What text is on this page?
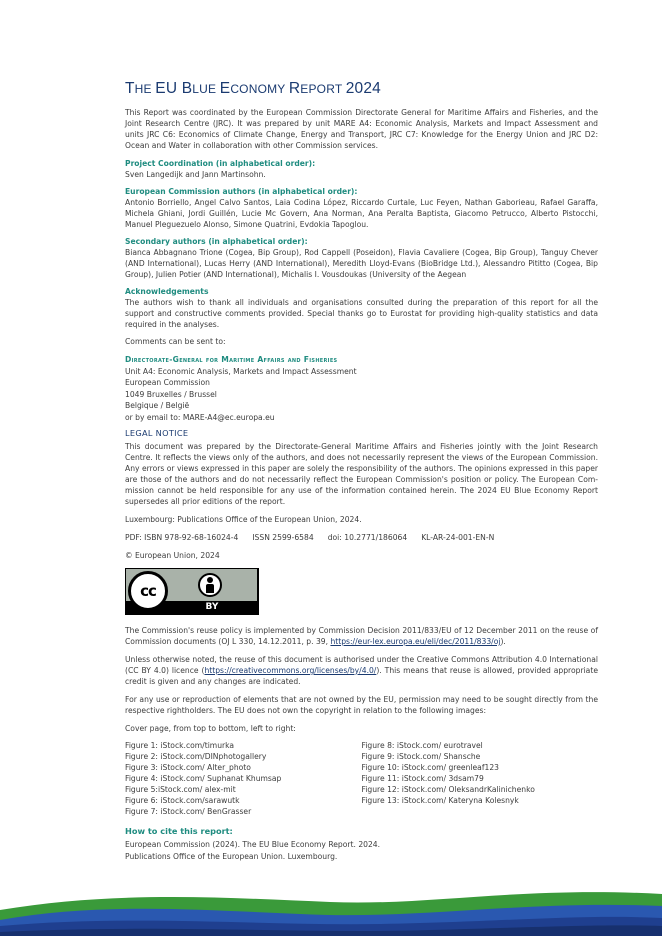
THE EU BLUE ECONOMY REPORT 2024

This Report was coordinated by the European Commission Directorate General for Maritime Affairs and Fisheries, and the Joint Research Centre (JRC). It was prepared by unit MARE A4: Economic Analysis, Markets and Impact Assessment and units JRC C6: Economics of Climate Change, Energy and Transport, JRC C7: Knowledge for the Energy Union and JRC D2: Ocean and Water in collaboration with other Commission services.

Project Coordination (in alphabetical order):

Sven Langedijk and Jann Martinsohn.

European Commission authors (in alphabetical order):

Antonio Borriello, Angel Calvo Santos, Laia Codina López, Riccardo Curtale, Luc Feyen, Nathan Gaborieau, Rafael Garaffa, Michela Ghiani, Jordi Guillén, Lucie Mc Govern, Ana Norman, Ana Peralta Baptista, Giacomo Petrucco, Alberto Pistocchi, Manuel Pleguezuelo Alonso, Simone Quatrini, Evdokia Tapoglou.

Secondary authors (in alphabetical order):

Bianca Abbagnano Trione (Cogea, Bip Group), Rod Cappell (Poseidon), Flavia Cavaliere (Cogea, Bip Group), Tanguy Chever (AND International), Lucas Herry (AND International), Meredith Lloyd-Evans (BioBridge Ltd.), Alessandro Pititto (Cogea, Bip Group), Julien Potier (AND International), Michalis I. Vousdoukas (University of the Aegean

Acknowledgements

The authors wish to thank all individuals and organisations consulted during the preparation of this report for all the support and constructive comments provided. Special thanks go to Eurostat for providing high-quality statistics and data required in the analyses.

Comments can be sent to:

Directorate-General for Maritime Affairs and Fisheries
Unit A4: Economic Analysis, Markets and Impact Assessment
European Commission
1049 Bruxelles / Brussel
Belgique / België
or by email to: MARE-A4@ec.europa.eu
LEGAL NOTICE

This document was prepared by the Directorate-General Maritime Affairs and Fisheries jointly with the Joint Research Centre. It reflects the views only of the authors, and does not necessarily represent the views of the European Commission. Any errors or views expressed in this paper are solely the responsibility of the authors. The opinions expressed in this paper are those of the authors and do not necessarily reflect the European Commission's position or policy. The European Com-mission cannot be held responsible for any use of the information contained herein. The 2024 EU Blue Economy Report supersedes all prior editions of the report.

Luxembourg: Publications Office of the European Union, 2024.

PDF: ISBN 978-92-68-16024-4 ISSN 2599-6584 doi: 10.2771/186064 KL-AR-24-001-EN-N

© European Union, 2024

cc
BY

The Commission's reuse policy is implemented by Commission Decision 2011/833/EU of 12 December 2011 on the reuse of Commission documents (OJ L 330, 14.12.2011, p. 39, https://eur-lex.europa.eu/eli/dec/2011/833/oj).

Unless otherwise noted, the reuse of this document is authorised under the Creative Commons Attribution 4.0 International (CC BY 4.0) licence (https://creativecommons.org/licenses/by/4.0/). This means that reuse is allowed, provided appropriate credit is given and any changes are indicated.

For any use or reproduction of elements that are not owned by the EU, permission may need to be sought directly from the respective rightholders. The EU does not own the copyright in relation to the following images:

Cover page, from top to bottom, left to right:

Figure 1: iStock.com/timurka
Figure 2: iStock.com/DINphotogallery
Figure 3: iStock.com/ Alter_photo
Figure 4: iStock.com/ Suphanat Khumsap
Figure 5:iStock.com/ alex-mit
Figure 6: iStock.com/sarawutk
Figure 7: iStock.com/ BenGrasser
Figure 8: iStock.com/ eurotravel
Figure 9: iStock.com/ Shansche
Figure 10: iStock.com/ greenleaf123
Figure 11: iStock.com/ 3dsam79
Figure 12: iStock.com/ OleksandrKalinichenko
Figure 13: iStock.com/ Kateryna Kolesnyk
How to cite this report:
European Commission (2024). The EU Blue Economy Report. 2024.
Publications Office of the European Union. Luxembourg.
